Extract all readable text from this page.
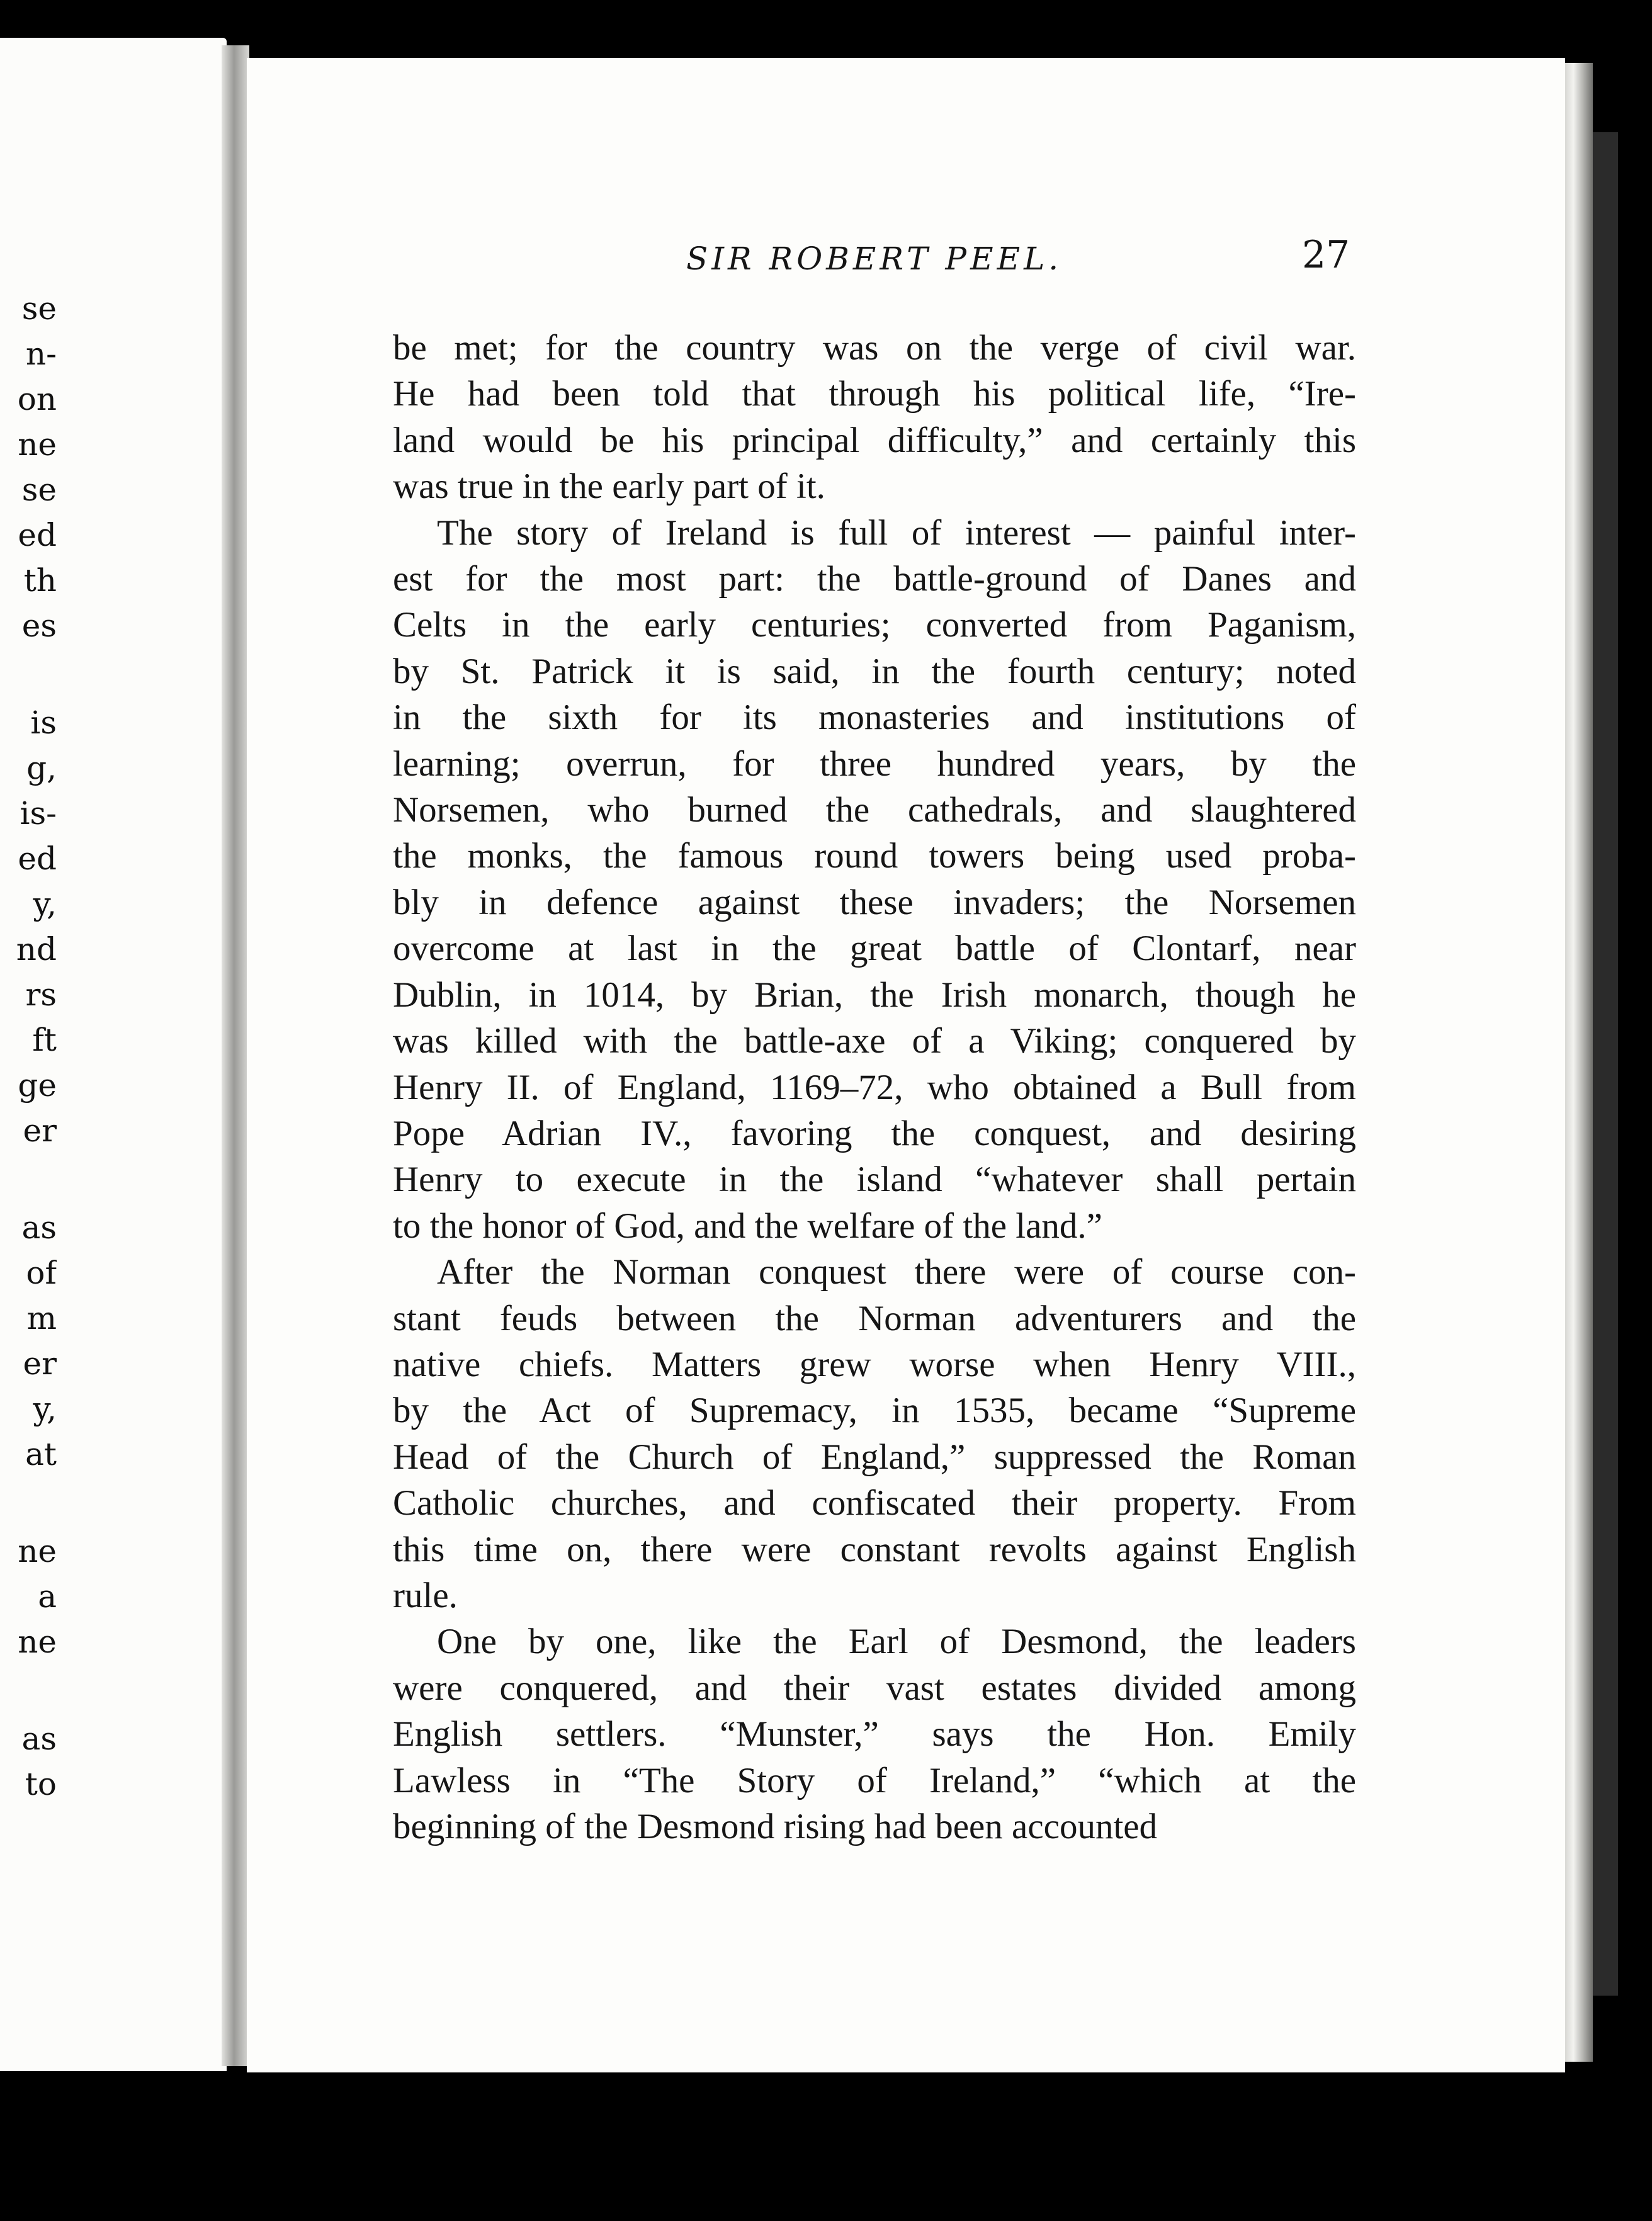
se
n-
on
ne
se
ed
th
es
is
g,
is-
ed
y,
nd
rs
ft
ge
er
as
of
m
er
y,
at
ne
a
ne
as
to
SIR ROBERT PEEL.	27
be met; for the country was on the verge of civil war.
He had been told that through his political life, “Ire-
land would be his principal difficulty,” and certainly this
was true in the early part of it.
The story of Ireland is full of interest — painful inter-
est for the most part: the battle-ground of Danes and
Celts in the early centuries; converted from Paganism,
by St. Patrick it is said, in the fourth century; noted
in the sixth for its monasteries and institutions of
learning; overrun, for three hundred years, by the
Norsemen, who burned the cathedrals, and slaughtered
the monks, the famous round towers being used proba-
bly in defence against these invaders; the Norsemen
overcome at last in the great battle of Clontarf, near
Dublin, in 1014, by Brian, the Irish monarch, though he
was killed with the battle-axe of a Viking; conquered by
Henry II. of England, 1169–72, who obtained a Bull from
Pope Adrian IV., favoring the conquest, and desiring
Henry to execute in the island “whatever shall pertain
to the honor of God, and the welfare of the land.”
After the Norman conquest there were of course con-
stant feuds between the Norman adventurers and the
native chiefs. Matters grew worse when Henry VIII.,
by the Act of Supremacy, in 1535, became “Supreme
Head of the Church of England,” suppressed the Roman
Catholic churches, and confiscated their property. From
this time on, there were constant revolts against English
rule.
One by one, like the Earl of Desmond, the leaders
were conquered, and their vast estates divided among
English settlers. “Munster,” says the Hon. Emily
Lawless in “The Story of Ireland,” “which at the
beginning of the Desmond rising had been accounted
